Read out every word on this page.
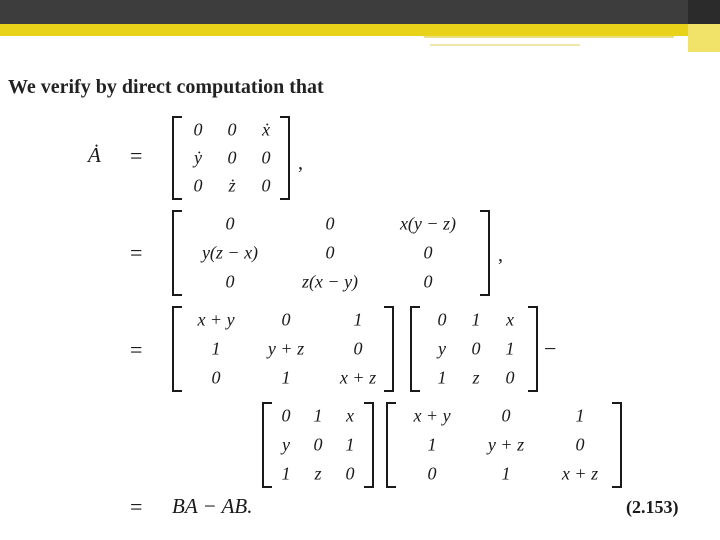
We verify by direct computation that
Ȧ =
0 0 ẋ
ẏ 0 0
0 ż 0
,
=
0	0	x(y − z)
y(z − x)	0	0
0	z(x − y)	0
,
=
x + y	0	1
1	y + z	0
0	1	x + z
0 1 x
y 0 1
1 z 0
−
0 1 x
y 0 1
1 z 0
x + y	0	1
1	y + z	0
0	1	x + z
= BA − AB.	(2.153)
